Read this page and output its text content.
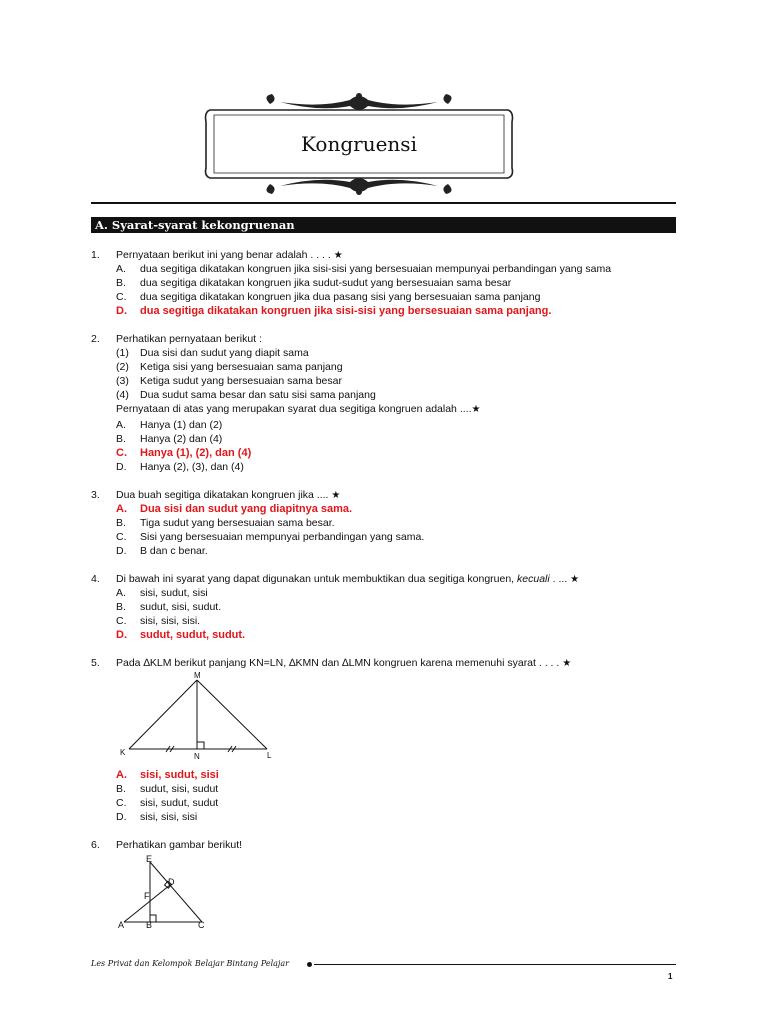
Kongruensi
A. Syarat-syarat kekongruenan
1. Pernyataan berikut ini yang benar adalah . . . . ★
A. dua segitiga dikatakan kongruen jika sisi-sisi yang bersesuaian mempunyai perbandingan yang sama
B. dua segitiga dikatakan kongruen jika sudut-sudut yang bersesuaian sama besar
C. dua segitiga dikatakan kongruen jika dua pasang sisi yang bersesuaian sama panjang
D. dua segitiga dikatakan kongruen jika sisi-sisi yang bersesuaian sama panjang.
2. Perhatikan pernyataan berikut :
(1) Dua sisi dan sudut yang diapit sama
(2) Ketiga sisi yang bersesuaian sama panjang
(3) Ketiga sudut yang bersesuaian sama besar
(4) Dua sudut sama besar dan satu sisi sama panjang
Pernyataan di atas yang merupakan syarat dua segitiga kongruen adalah ....★
A. Hanya (1) dan (2)
B. Hanya (2) dan (4)
C. Hanya (1), (2), dan (4)
D. Hanya (2), (3), dan (4)
3. Dua buah segitiga dikatakan kongruen jika .... ★
A. Dua sisi dan sudut yang diapitnya sama.
B. Tiga sudut yang bersesuaian sama besar.
C. Sisi yang bersesuaian mempunyai perbandingan yang sama.
D. B dan c benar.
4. Di bawah ini syarat yang dapat digunakan untuk membuktikan dua segitiga kongruen, kecuali . ... ★
A. sisi, sudut, sisi
B. sudut, sisi, sudut.
C. sisi, sisi, sisi.
D. sudut, sudut, sudut.
5. Pada ∆KLM berikut panjang KN=LN, ∆KMN dan ∆LMN kongruen karena memenuhi syarat . . . . ★
M
K	N	L
A. sisi, sudut, sisi
B. sudut, sisi, sudut
C. sisi, sudut, sudut
D. sisi, sisi, sisi
6. Perhatikan gambar berikut!
E
D
F
A B	C
Les Privat dan Kelompok Belajar Bintang Pelajar
1
